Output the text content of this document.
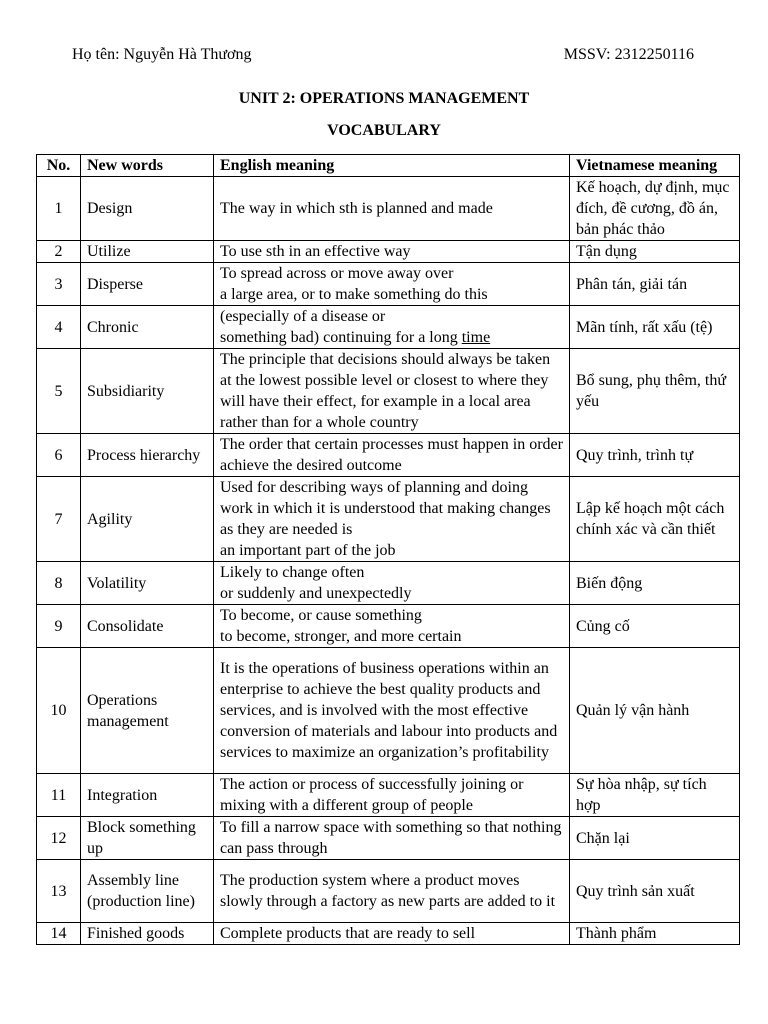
Họ tên: Nguyễn Hà Thương	MSSV: 2312250116
UNIT 2: OPERATIONS MANAGEMENT
VOCABULARY
No.	New words	English meaning	Vietnamese meaning
1	Design	The way in which sth is planned and made	Kế hoạch, dự định, mục đích, đề cương, đồ án, bản phác thảo
2	Utilize	To use sth in an effective way	Tận dụng
3	Disperse	To spread across or move away over
a large area, or to make something do this	Phân tán, giải tán
4	Chronic	(especially of a disease or
something bad) continuing for a long time	Mãn tính, rất xấu (tệ)
5	Subsidiarity	The principle that decisions should always be taken at the lowest possible level or closest to where they will have their effect, for example in a local area rather than for a whole country	Bổ sung, phụ thêm, thứ yếu
6	Process hierarchy	The order that certain processes must happen in order achieve the desired outcome	Quy trình, trình tự
7	Agility	Used for describing ways of planning and doing work in which it is understood that making changes as they are needed is
an important part of the job	Lập kế hoạch một cách chính xác và cần thiết
8	Volatility	Likely to change often
or suddenly and unexpectedly	Biến động
9	Consolidate	To become, or cause something
to become, stronger, and more certain	Củng cố
10	Operations management	It is the operations of business operations within an enterprise to achieve the best quality products and services, and is involved with the most effective conversion of materials and labour into products and services to maximize an organization’s profitability	Quản lý vận hành
11	Integration	The action or process of successfully joining or mixing with a different group of people	Sự hòa nhập, sự tích hợp
12	Block something up	To fill a narrow space with something so that nothing can pass through	Chặn lại
13	Assembly line (production line)	The production system where a product moves slowly through a factory as new parts are added to it	Quy trình sản xuất
14	Finished goods	Complete products that are ready to sell	Thành phẩm
